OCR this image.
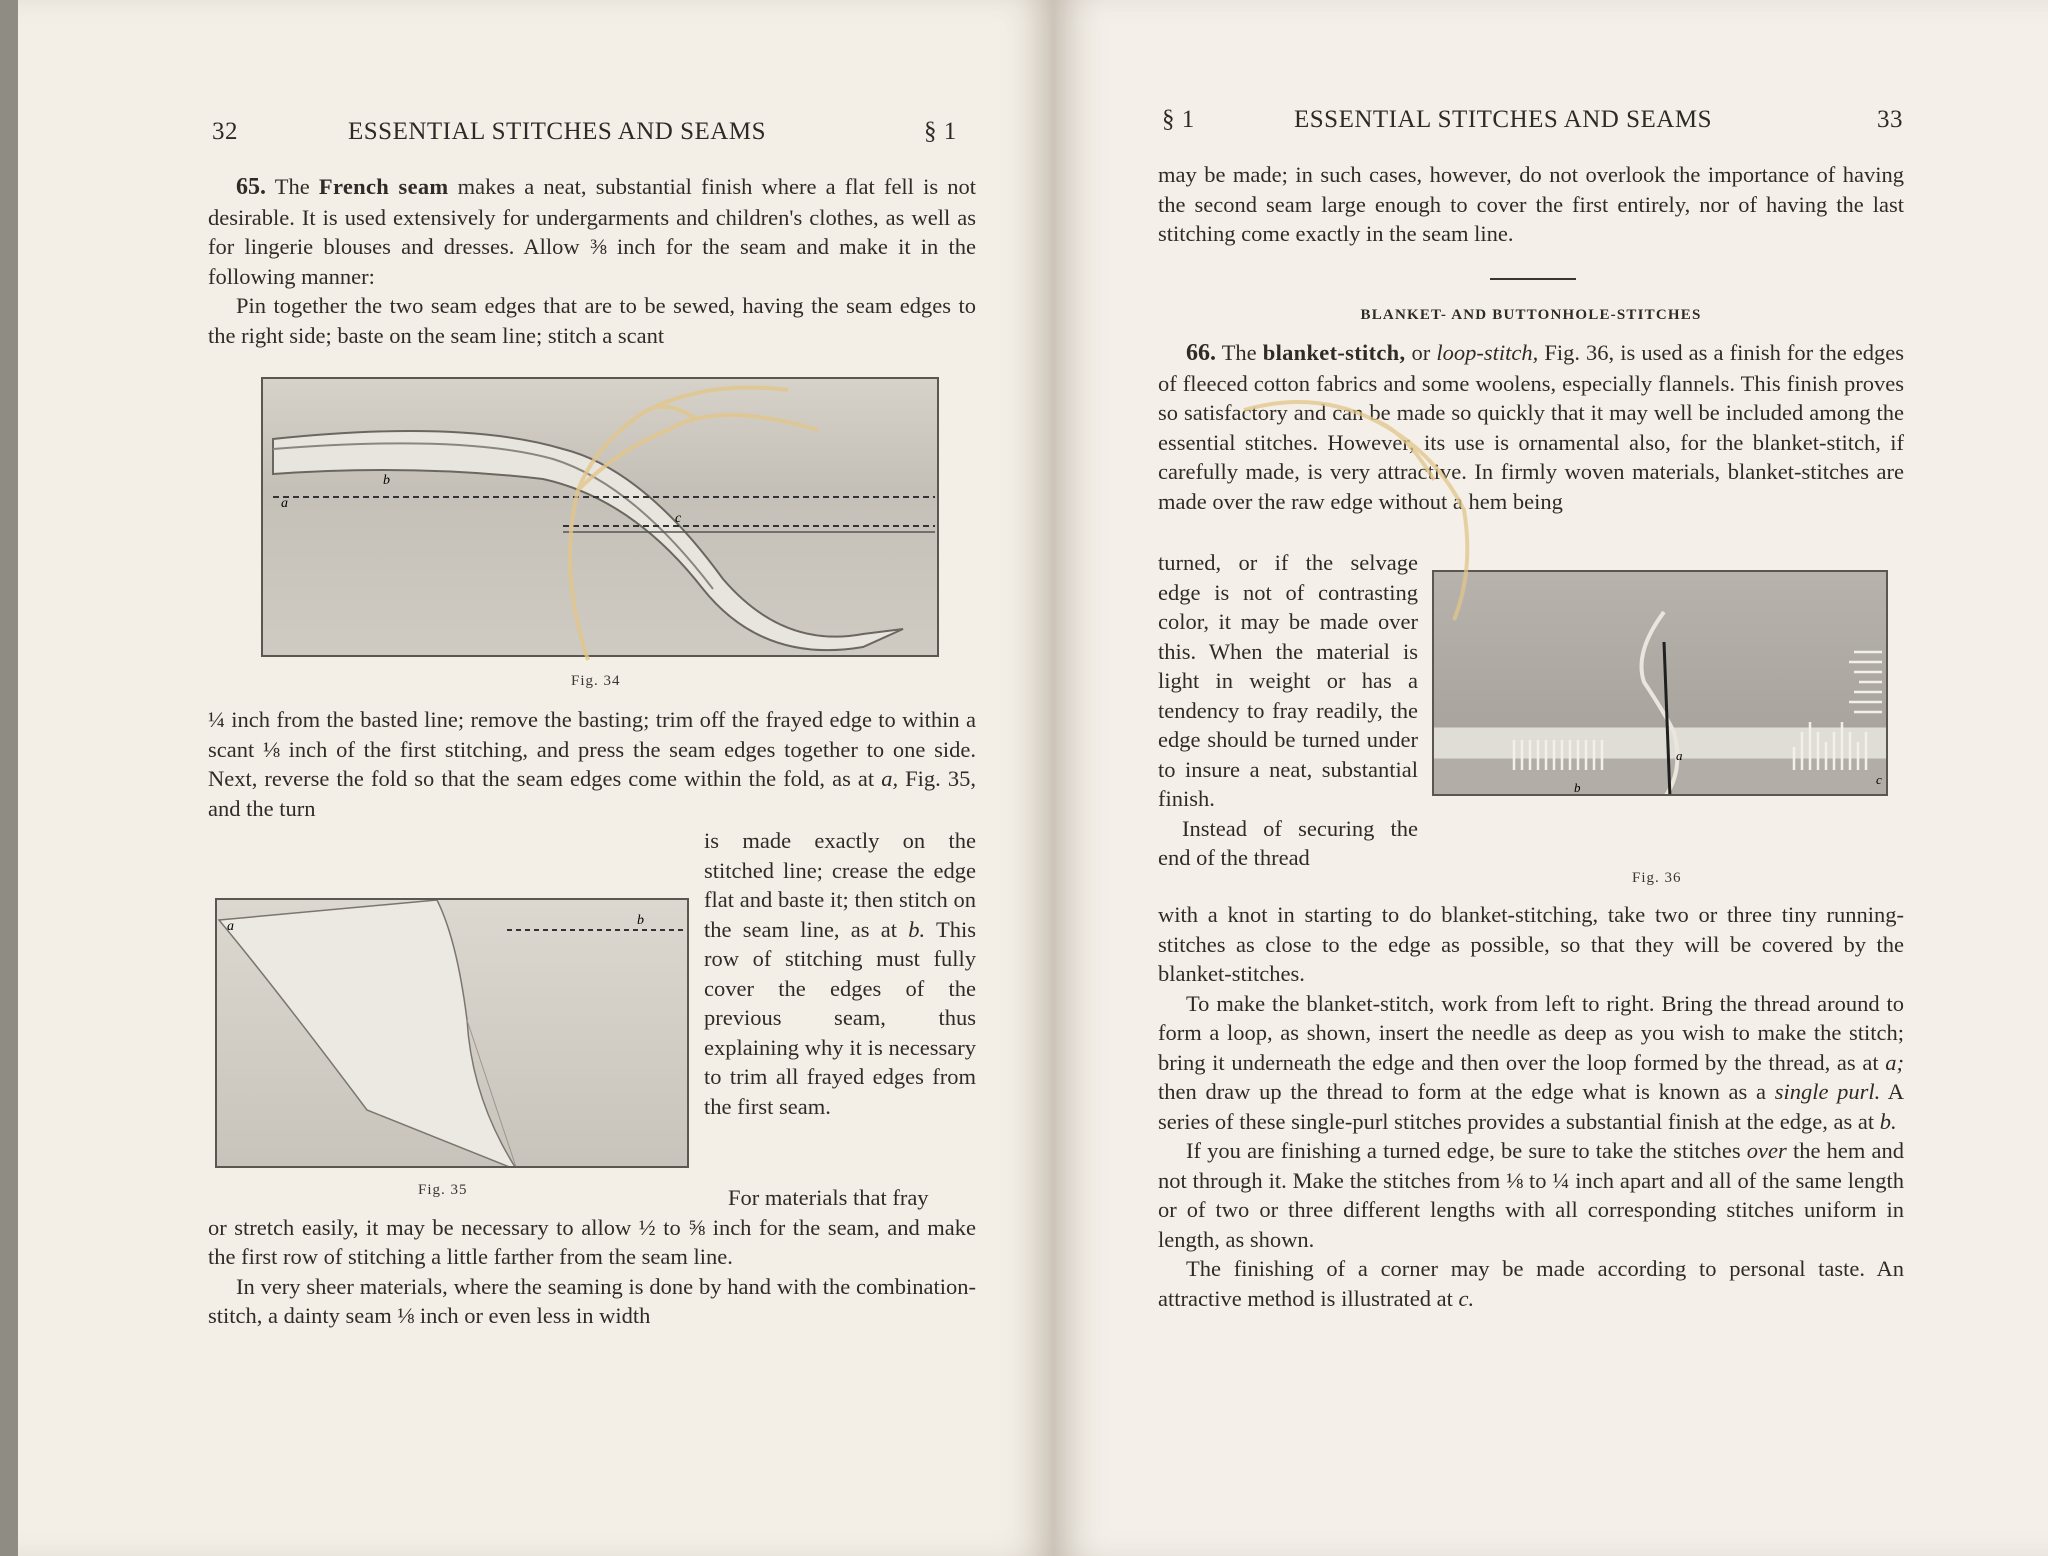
32	ESSENTIAL STITCHES AND SEAMS	§ 1

65. The French seam makes a neat, substantial finish where a flat fell is not desirable. It is used extensively for undergarments and children's clothes, as well as for lingerie blouses and dresses. Allow ⅜ inch for the seam and make it in the following manner:

Pin together the two seam edges that are to be sewed, having the seam edges to the right side; baste on the seam line; stitch a scant

a
b
c
Fig. 34

¼ inch from the basted line; remove the basting; trim off the frayed edge to within a scant ⅛ inch of the first stitching, and press the seam edges together to one side. Next, reverse the fold so that the seam edges come within the fold, as at a, Fig. 35, and the turn

a	b
Fig. 35

is made exactly on the stitched line; crease the edge flat and baste it; then stitch on the seam line, as at b. This row of stitching must fully cover the edges of the previous seam, thus explaining why it is necessary to trim all frayed edges from the first seam.

For materials that fray

or stretch easily, it may be necessary to allow ½ to ⅝ inch for the seam, and make the first row of stitching a little farther from the seam line.

In very sheer materials, where the seaming is done by hand with the combination-stitch, a dainty seam ⅛ inch or even less in width

§ 1	ESSENTIAL STITCHES AND SEAMS	33

may be made; in such cases, however, do not overlook the importance of having the second seam large enough to cover the first entirely, nor of having the last stitching come exactly in the seam line.

BLANKET- AND BUTTONHOLE-STITCHES

66. The blanket-stitch, or loop-stitch, Fig. 36, is used as a finish for the edges of fleeced cotton fabrics and some woolens, especially flannels. This finish proves so satisfactory and can be made so quickly that it may well be included among the essential stitches. However, its use is ornamental also, for the blanket-stitch, if carefully made, is very attractive. In firmly woven materials, blanket-stitches are made over the raw edge without a hem being

turned, or if the selvage edge is not of contrasting color, it may be made over this. When the material is light in weight or has a tendency to fray readily, the edge should be turned under to insure a neat, substantial finish.

Instead of securing the end of the thread

a
b
c
Fig. 36

with a knot in starting to do blanket-stitching, take two or three tiny running-stitches as close to the edge as possible, so that they will be covered by the blanket-stitches.

To make the blanket-stitch, work from left to right. Bring the thread around to form a loop, as shown, insert the needle as deep as you wish to make the stitch; bring it underneath the edge and then over the loop formed by the thread, as at a; then draw up the thread to form at the edge what is known as a single purl. A series of these single-purl stitches provides a substantial finish at the edge, as at b.

If you are finishing a turned edge, be sure to take the stitches over the hem and not through it. Make the stitches from ⅛ to ¼ inch apart and all of the same length or of two or three different lengths with all corresponding stitches uniform in length, as shown.

The finishing of a corner may be made according to personal taste. An attractive method is illustrated at c.
